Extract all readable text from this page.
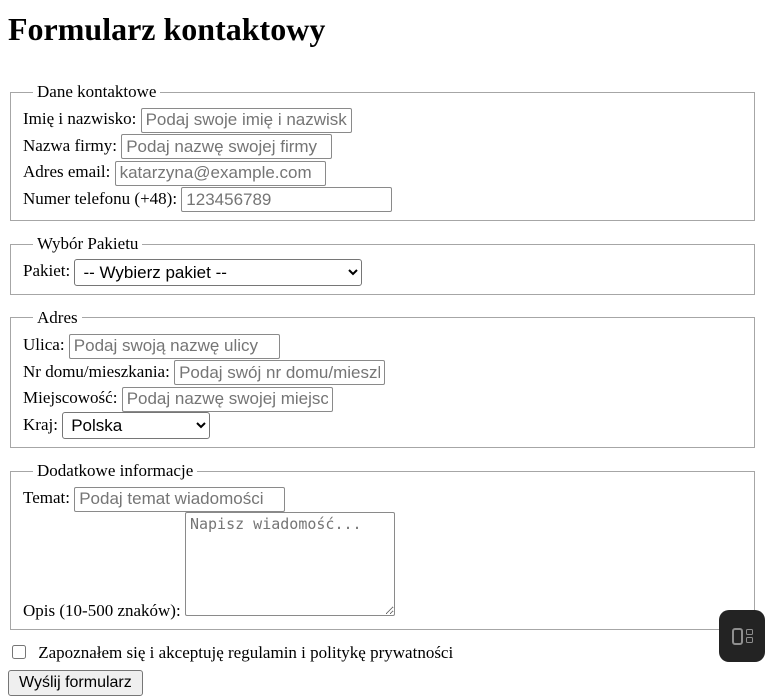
Formularz kontaktowy
Dane kontaktowe
Imię i nazwisko: Podaj swoje imię i nazwisko
Nazwa firmy: Podaj nazwę swojej firmy
Adres email: katarzyna@example.com
Numer telefonu (+48): 123456789
Wybór Pakietu
Pakiet:
-- Wybierz pakiet --
Adres
Ulica: Podaj swoją nazwę ulicy
Nr domu/mieszkania: Podaj swój nr domu/mieszkania
Miejscowość: Podaj nazwę swojej miejscowości
Kraj:
Polska
Dodatkowe informacje
Temat: Podaj temat wiadomości
Opis (10-500 znaków): Napisz wiadomość...
Zapoznałem się i akceptuję regulamin i politykę prywatności
Wyślij formularz
